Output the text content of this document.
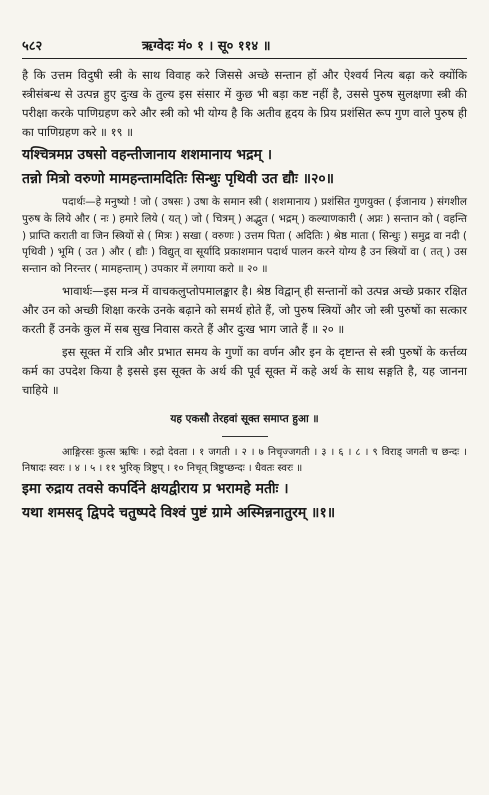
५८२	ऋग्वेदः मं० १ । सू० ११४ ॥

है कि उत्तम विदुषी स्त्री के साथ विवाह करे जिससे अच्छे सन्तान हों और ऐश्वर्य नित्य बढ़ा करे क्योंकि स्त्रीसंबन्ध से उत्पन्न हुए दुःख के तुल्य इस संसार में कुछ भी बड़ा कष्ट नहीं है, उससे पुरुष सुलक्षणा स्त्री की परीक्षा करके पाणिग्रहण करे और स्त्री को भी योग्य है कि अतीव हृदय के प्रिय प्रशंसित रूप गुण वाले पुरुष ही का पाणिग्रहण करे ॥ १९ ॥

यश्चित्रमप्न उषसो वहन्तीजानाय शशमानाय भद्रम् ।

तन्नो मित्रो वरुणो मामहन्तामदितिः सिन्धुः पृथिवी उत द्यौः ॥२०॥

पदार्थः—हे मनुष्यो ! जो ( उषसः ) उषा के समान स्त्री ( शशमानाय ) प्रशंसित गुणयुक्त ( ईजानाय ) संगशील पुरुष के लिये और ( नः ) हमारे लिये ( यत् ) जो ( चित्रम् ) अद्भुत ( भद्रम् ) कल्याणकारी ( अप्नः ) सन्तान को ( वहन्ति ) प्राप्ति कराती वा जिन स्त्रियों से ( मित्रः ) सखा ( वरुणः ) उत्तम पिता ( अदितिः ) श्रेष्ठ माता ( सिन्धुः ) समुद्र वा नदी ( पृथिवी ) भूमि ( उत ) और ( द्यौः ) विद्युत् वा सूर्यादि प्रकाशमान पदार्थ पालन करने योग्य है उन स्त्रियों वा ( तत् ) उस सन्तान को निरन्तर ( मामहन्ताम् ) उपकार में लगाया करो ॥ २० ॥

भावार्थः—इस मन्त्र में वाचकलुप्तोपमालङ्कार है। श्रेष्ठ विद्वान् ही सन्तानों को उत्पन्न अच्छे प्रकार रक्षित और उन को अच्छी शिक्षा करके उनके बढ़ाने को समर्थ होते हैं, जो पुरुष स्त्रियों और जो स्त्री पुरुषों का सत्कार करती हैं उनके कुल में सब सुख निवास करते हैं और दुःख भाग जाते हैं ॥ २० ॥

इस सूक्त में रात्रि और प्रभात समय के गुणों का वर्णन और इन के दृष्टान्त से स्त्री पुरुषों के कर्त्तव्य कर्म का उपदेश किया है इससे इस सूक्त के अर्थ की पूर्व सूक्त में कहे अर्थ के साथ सङ्गति है, यह जानना चाहिये ॥

यह एकसौ तेरहवां सूक्त समाप्त हुआ ॥

आङ्गिरसः कुत्स ऋषिः । रुद्रो देवता । १ जगती । २ । ७ निचृज्जगती । ३ । ६ । ८ । ९ विराड् जगती च छन्दः । निषादः स्वरः । ४ । ५ । ११ भुरिक् त्रिष्टुप् । १० निचृत् त्रिष्टुप्छन्दः । धैवतः स्वरः ॥

इमा रुद्राय तवसे कपर्दिने क्षयद्वीराय प्र भरामहे मतीः ।

यथा शमसद् द्विपदे चतुष्पदे विश्वं पुष्टं ग्रामे अस्मिन्ननातुरम् ॥१॥
